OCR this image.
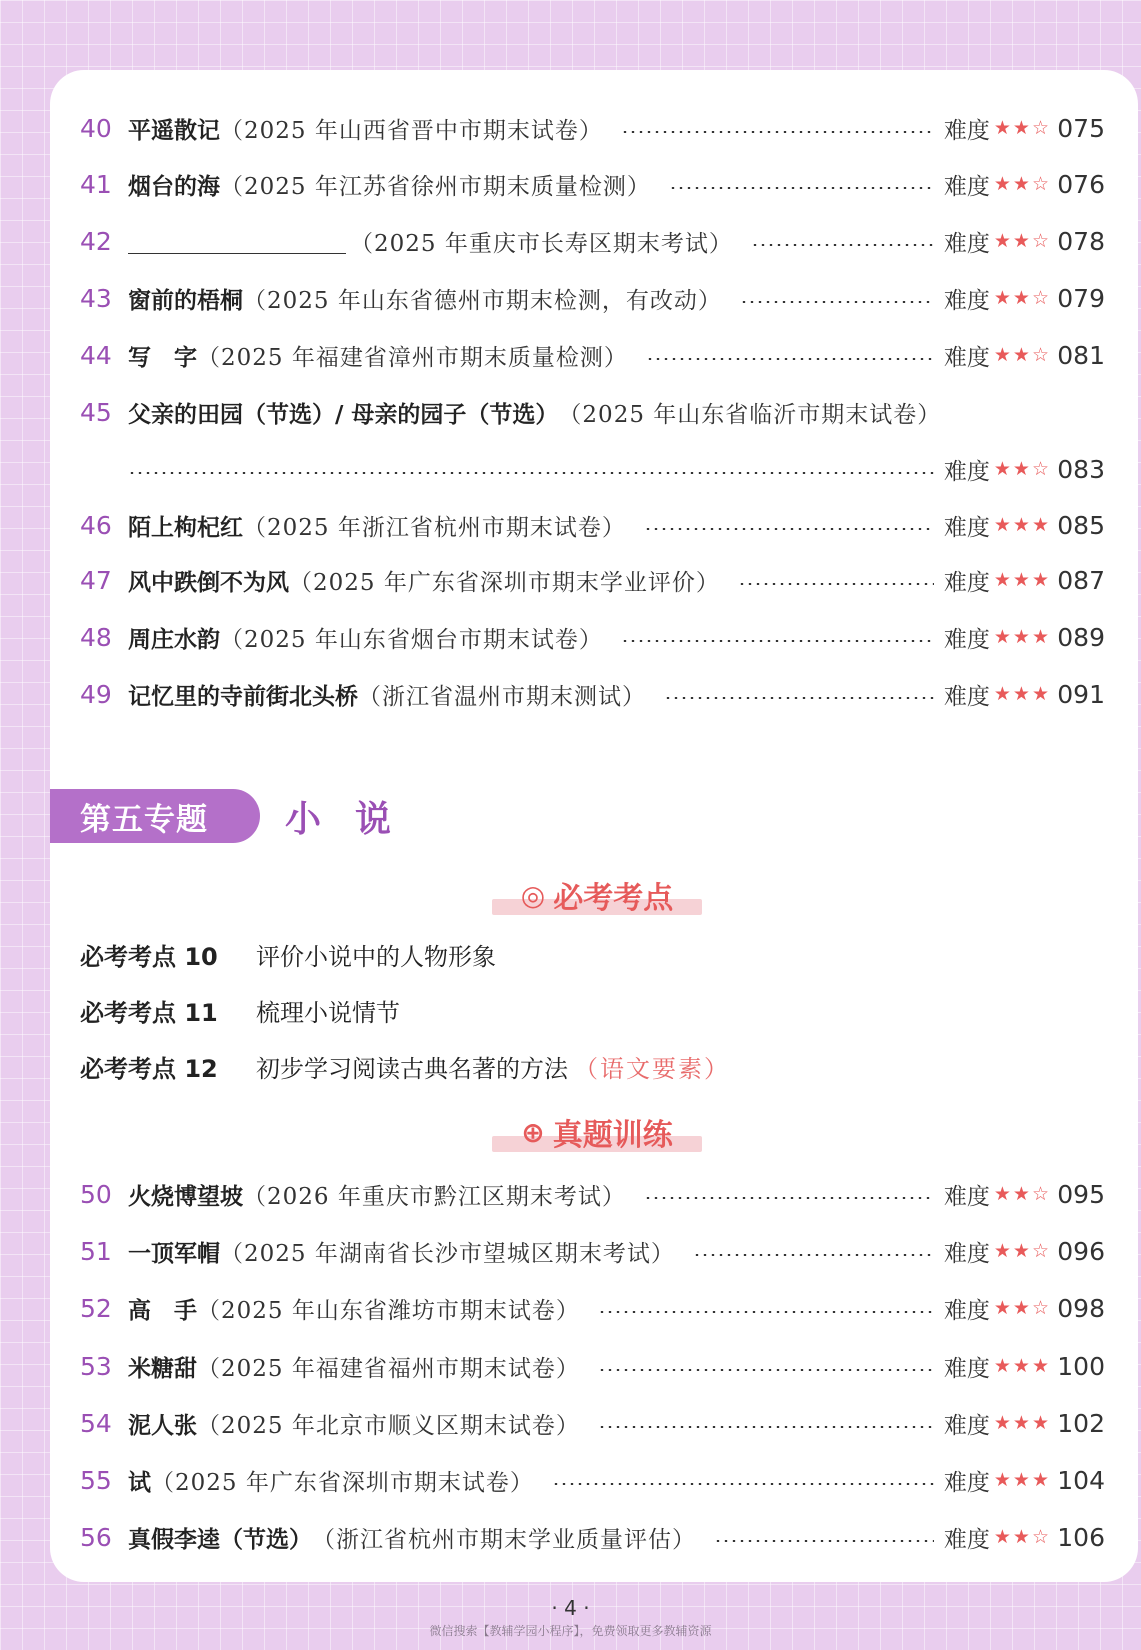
40 平遥散记 （2025 年山西省晋中市期末试卷）	难度 ★★☆ 075
41 烟台的海 （2025 年江苏省徐州市期末质量检测）	难度 ★★☆ 076
42	（2025 年重庆市长寿区期末考试）	难度 ★★☆ 078
43 窗前的梧桐 （2025 年山东省德州市期末检测，有改动）	难度 ★★☆ 079
44 写　字 （2025 年福建省漳州市期末质量检测）	难度 ★★☆ 081
45 父亲的田园（节选）/ 母亲的园子（节选） （2025 年山东省临沂市期末试卷）
难度 ★★☆ 083
46 陌上枸杞红 （2025 年浙江省杭州市期末试卷）	难度 ★★★ 085
47 风中跌倒不为风 （2025 年广东省深圳市期末学业评价）	难度 ★★★ 087
48 周庄水韵 （2025 年山东省烟台市期末试卷）	难度 ★★★ 089
49 记忆里的寺前街北头桥 （浙江省温州市期末测试）	难度 ★★★ 091
第五专题	小说
◎ 必考考点
必考考点 10	评价小说中的人物形象
必考考点 11	梳理小说情节
必考考点 12	初步学习阅读古典名著的方法 （语文要素）
⊕ 真题训练
50 火烧博望坡 （2026 年重庆市黔江区期末考试）	难度 ★★☆ 095
51 一顶军帽 （2025 年湖南省长沙市望城区期末考试）	难度 ★★☆ 096
52 高　手 （2025 年山东省潍坊市期末试卷）	难度 ★★☆ 098
53 米糖甜 （2025 年福建省福州市期末试卷）	难度 ★★★ 100
54 泥人张 （2025 年北京市顺义区期末试卷）	难度 ★★★ 102
55 试 （2025 年广东省深圳市期末试卷）	难度 ★★★ 104
56 真假李逵（节选） （浙江省杭州市期末学业质量评估）	难度 ★★☆ 106
· 4 ·
微信搜索【教辅学园小程序】，免费领取更多教辅资源
